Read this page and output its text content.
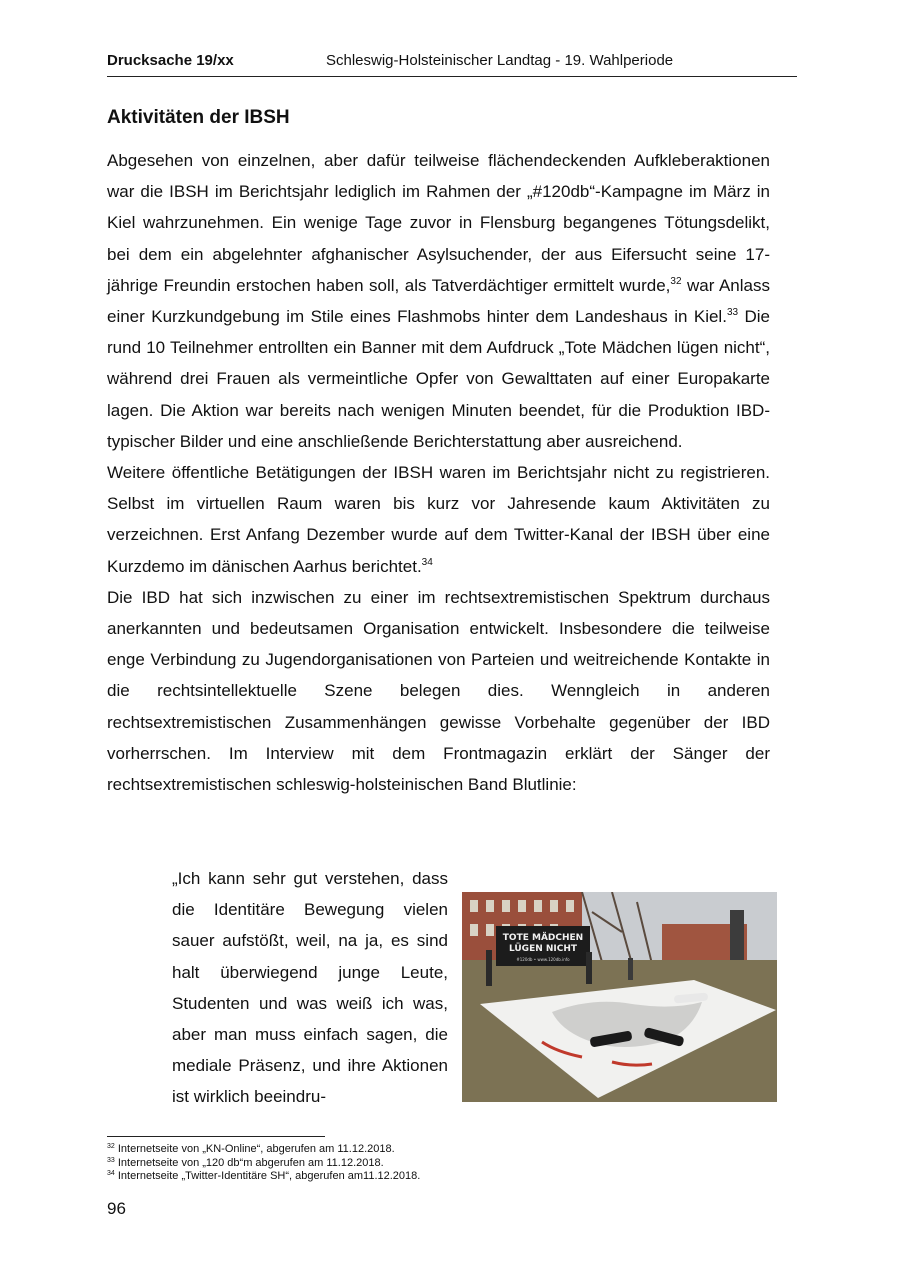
Drucksache 19/xx	Schleswig-Holsteinischer Landtag - 19. Wahlperiode
Aktivitäten der IBSH

Abgesehen von einzelnen, aber dafür teilweise flächendeckenden Aufkleberaktionen war die IBSH im Berichtsjahr lediglich im Rahmen der „#120db“-Kampagne im März in Kiel wahrzunehmen. Ein wenige Tage zuvor in Flensburg begangenes Tötungsdelikt, bei dem ein abgelehnter afghanischer Asylsuchender, der aus Eifersucht seine 17-jährige Freundin erstochen haben soll, als Tatverdächtiger ermittelt wurde,$^{32}$ war Anlass einer Kurzkundgebung im Stile eines Flashmobs hinter dem Landeshaus in Kiel.$^{33}$ Die rund 10 Teilnehmer entrollten ein Banner mit dem Aufdruck „Tote Mädchen lügen nicht“, während drei Frauen als vermeintliche Opfer von Gewalttaten auf einer Europakarte lagen. Die Aktion war bereits nach wenigen Minuten beendet, für die Produktion IBD-typischer Bilder und eine anschließende Berichterstattung aber ausreichend.

Weitere öffentliche Betätigungen der IBSH waren im Berichtsjahr nicht zu registrieren. Selbst im virtuellen Raum waren bis kurz vor Jahresende kaum Aktivitäten zu verzeichnen. Erst Anfang Dezember wurde auf dem Twitter-Kanal der IBSH über eine Kurzdemo im dänischen Aarhus berichtet.$^{34}$

Die IBD hat sich inzwischen zu einer im rechtsextremistischen Spektrum durchaus anerkannten und bedeutsamen Organisation entwickelt. Insbesondere die teilweise enge Verbindung zu Jugendorganisationen von Parteien und weitreichende Kontakte in die rechtsintellektuelle Szene belegen dies. Wenngleich in anderen rechtsextremistischen Zusammenhängen gewisse Vorbehalte gegenüber der IBD vorherrschen. Im Interview mit dem Frontmagazin erklärt der Sänger der rechtsextremistischen schleswig-holsteinischen Band Blutlinie:

„Ich kann sehr gut verstehen, dass die Identitäre Bewegung vielen sauer aufstößt, weil, na ja, es sind halt überwiegend junge Leute, Studenten und was weiß ich was, aber man muss einfach sagen, die mediale Präsenz, und ihre Aktionen ist wirklich beeindru-

TOTE MÄDCHEN
LÜGEN NICHT
#120db • www.120db.info
$^{32}$ Internetseite von „KN-Online“, abgerufen am 11.12.2018.
$^{33}$ Internetseite von „120 db“m abgerufen am 11.12.2018.
$^{34}$ Internetseite „Twitter-Identitäre SH“, abgerufen am11.12.2018.
96
